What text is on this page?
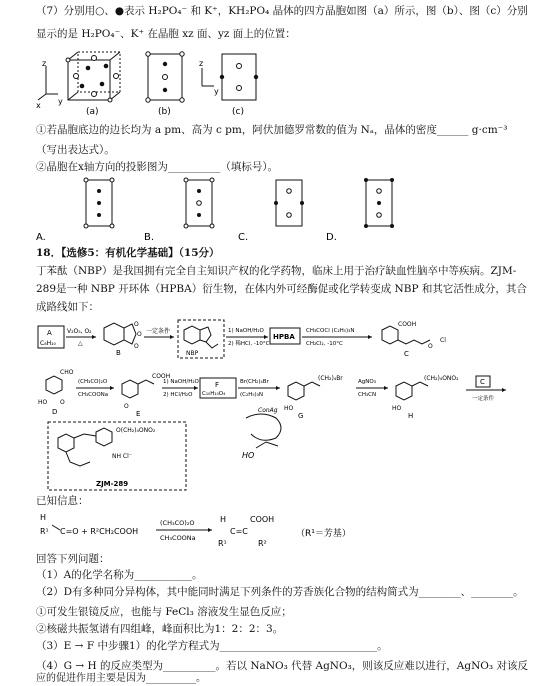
（7）分别用○、●表示 H₂PO₄⁻ 和 K⁺，KH₂PO₄ 晶体的四方晶胞如图（a）所示，图（b）、图（c）分别
显示的是 H₂PO₄⁻、K⁺ 在晶胞 xz 面、yz 面上的位置：
z
x y
(a)	(b)
z
y
(c)
①若晶胞底边的边长均为 a pm、高为 c pm，阿伏加德罗常数的值为 Nₐ，晶体的密度______ g·cm⁻³
（写出表达式）。
②晶胞在x轴方向的投影图为__________（填标号）。
A.	B.	C.	D.
18．【选修5：有机化学基础】（15分）
丁苯酞（NBP）是我国拥有完全自主知识产权的化学药物，临床上用于治疗缺血性脑卒中等疾病。ZJM-
289是一种 NBP 开环体（HPBA）衍生物，在体内外可经酶促或化学转变成 NBP 和其它活性成分，其合
成路线如下：
A
C₈H₁₀
V₂O₅, O₂
△
O
O
O
B
一定条件
NBP
1) NaOH/H₂O
2) 稀HCl, -10°C
HPBA
CH₃COCl (C₂H₅)₃N
CH₂Cl₂, -10°C
COOH
O
Cl
C
CHO
HO O
D
(CH₃CO)₂O
CH₃COONa
COOH
O
E
1) NaOH/H₂O
2) HCl/H₂O
F
C₁₀H₁₀O₄
Br(CH₂)₄Br
(C₂H₅)₃N
(CH₂)₄Br
HO
G
AgNO₃
CH₃CN
(CH₂)₄ONO₂
HO
H
C
一定条件
ConAg
HO
O(CH₂)₄ONO₂
NH Cl⁻
ZJM-289
已知信息：
H
R¹ C=O + R²CH₂COOH
(CH₃CO)₂O
CH₃COONa
H	COOH
C=C
R¹	R²
（R¹＝芳基）
回答下列问题：
（1）A的化学名称为___________。
（2）D有多种同分异构体，其中能同时满足下列条件的芳香族化合物的结构简式为________、________。
①可发生银镜反应，也能与 FeCl₃ 溶液发生显色反应；
②核磁共振氢谱有四组峰，峰面积比为1：2：2：3。
（3）E → F 中步骤1）的化学方程式为______________________________。
（4）G → H 的反应类型为__________。若以 NaNO₃ 代替 AgNO₃，则该反应难以进行，AgNO₃ 对该反
应的促进作用主要是因为__________。
